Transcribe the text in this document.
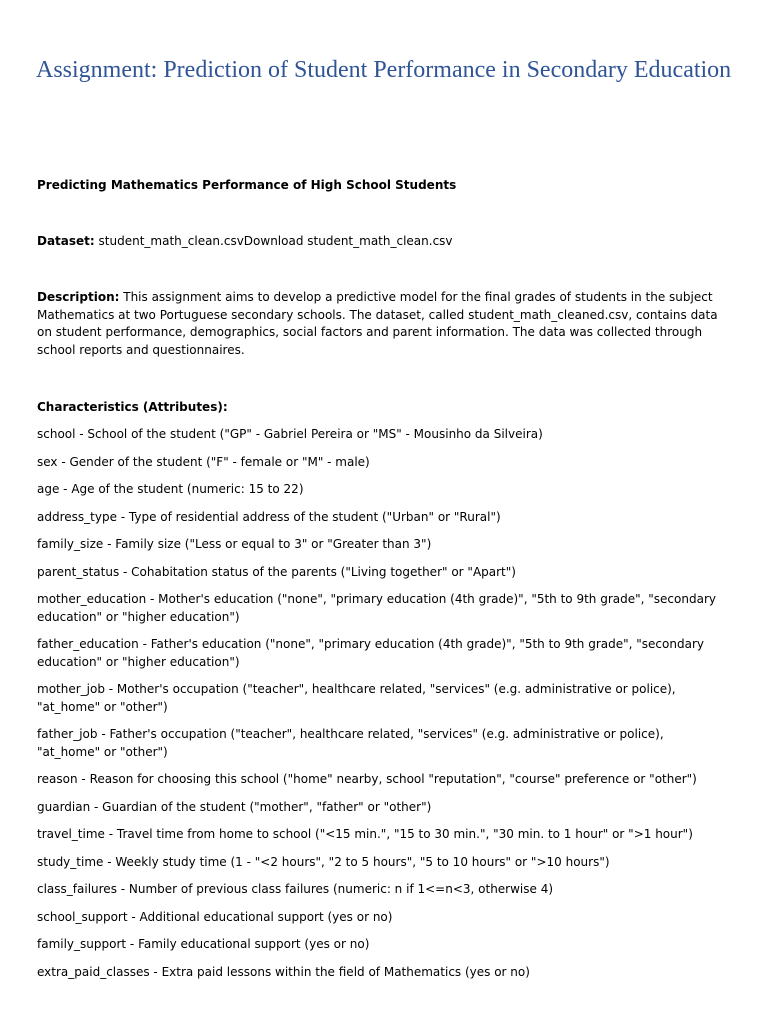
Assignment: Prediction of Student Performance in Secondary Education

Predicting Mathematics Performance of High School Students

Dataset: student_math_clean.csvDownload student_math_clean.csv

Description: This assignment aims to develop a predictive model for the final grades of students in the subject Mathematics at two Portuguese secondary schools. The dataset, called student_math_cleaned.csv, contains data on student performance, demographics, social factors and parent information. The data was collected through school reports and questionnaires.

Characteristics (Attributes):

school - School of the student ("GP" - Gabriel Pereira or "MS" - Mousinho da Silveira)
sex - Gender of the student ("F" - female or "M" - male)
age - Age of the student (numeric: 15 to 22)
address_type - Type of residential address of the student ("Urban" or "Rural")
family_size - Family size ("Less or equal to 3" or "Greater than 3")
parent_status - Cohabitation status of the parents ("Living together" or "Apart")
mother_education - Mother's education ("none", "primary education (4th grade)", "5th to 9th grade", "secondary education" or "higher education")
father_education - Father's education ("none", "primary education (4th grade)", "5th to 9th grade", "secondary education" or "higher education")
mother_job - Mother's occupation ("teacher", healthcare related, "services" (e.g. administrative or police), "at_home" or "other")
father_job - Father's occupation ("teacher", healthcare related, "services" (e.g. administrative or police), "at_home" or "other")
reason - Reason for choosing this school ("home" nearby, school "reputation", "course" preference or "other")
guardian - Guardian of the student ("mother", "father" or "other")
travel_time - Travel time from home to school ("<15 min.", "15 to 30 min.", "30 min. to 1 hour" or ">1 hour")
study_time - Weekly study time (1 - "<2 hours", "2 to 5 hours", "5 to 10 hours" or ">10 hours")
class_failures - Number of previous class failures (numeric: n if 1<=n<3, otherwise 4)
school_support - Additional educational support (yes or no)
family_support - Family educational support (yes or no)
extra_paid_classes - Extra paid lessons within the field of Mathematics (yes or no)
